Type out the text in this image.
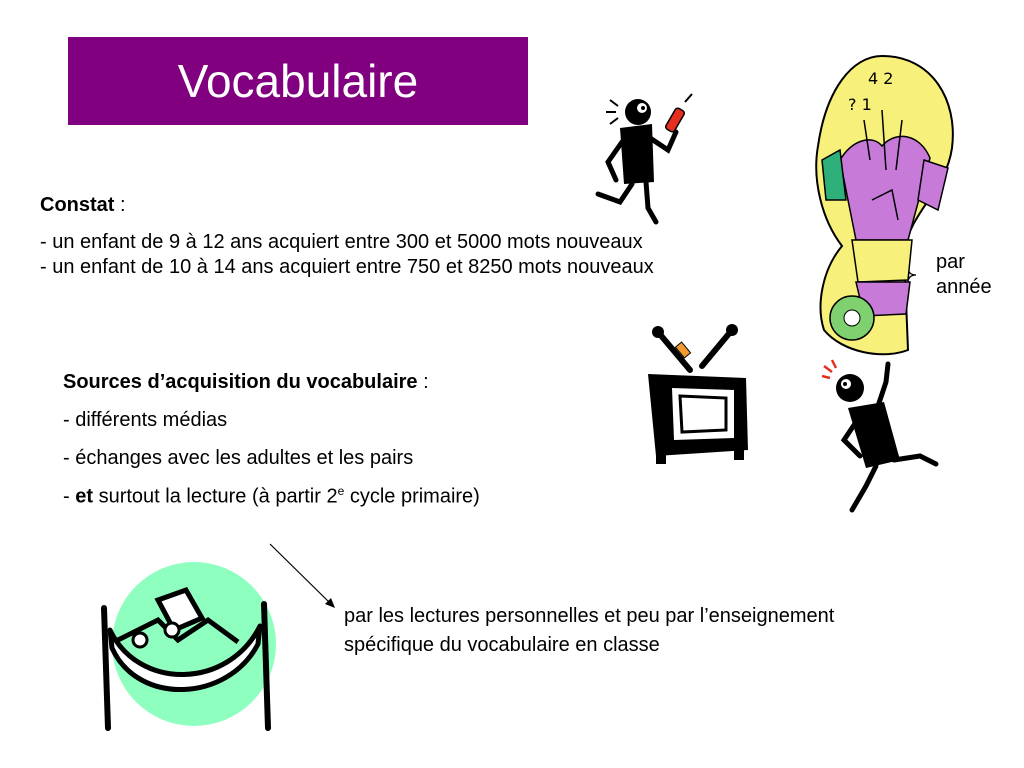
Vocabulaire

Constat :

- un enfant de 9 à 12 ans acquiert entre 300 et 5000 mots nouveaux

- un enfant de 10 à 14 ans acquiert entre 750 et 8250 mots nouveaux	par

année

Sources d’acquisition du vocabulaire :

- différents médias

- échanges avec les adultes et les pairs

- et surtout la lecture (à partir 2e cycle primaire)

par les lectures personnelles et peu par l’enseignement

spécifique du vocabulaire en classe

4 2
? 1
